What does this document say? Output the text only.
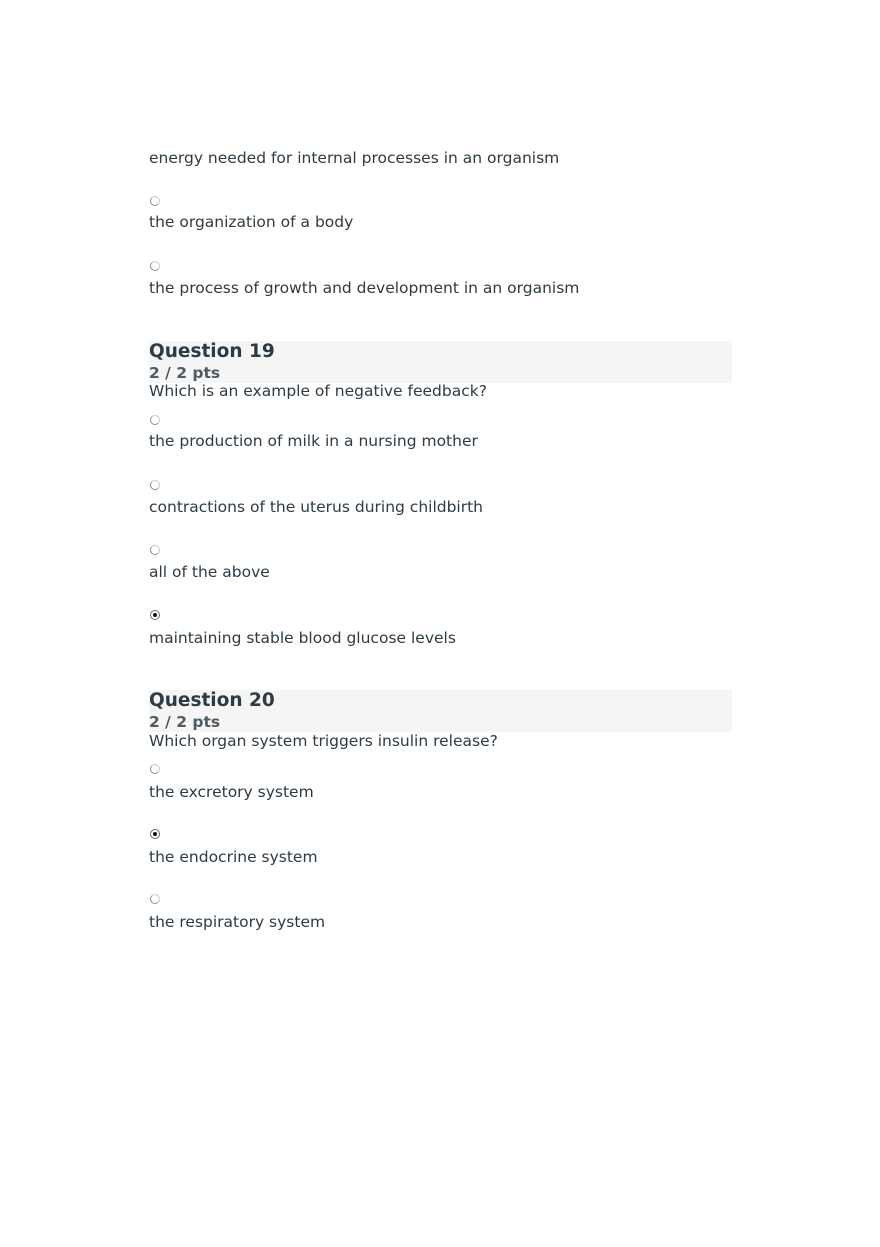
energy needed for internal processes in an organism
the organization of a body
the process of growth and development in an organism
Question 19
2 / 2 pts
Which is an example of negative feedback?
the production of milk in a nursing mother
contractions of the uterus during childbirth
all of the above
maintaining stable blood glucose levels
Question 20
2 / 2 pts
Which organ system triggers insulin release?
the excretory system
the endocrine system
the respiratory system
